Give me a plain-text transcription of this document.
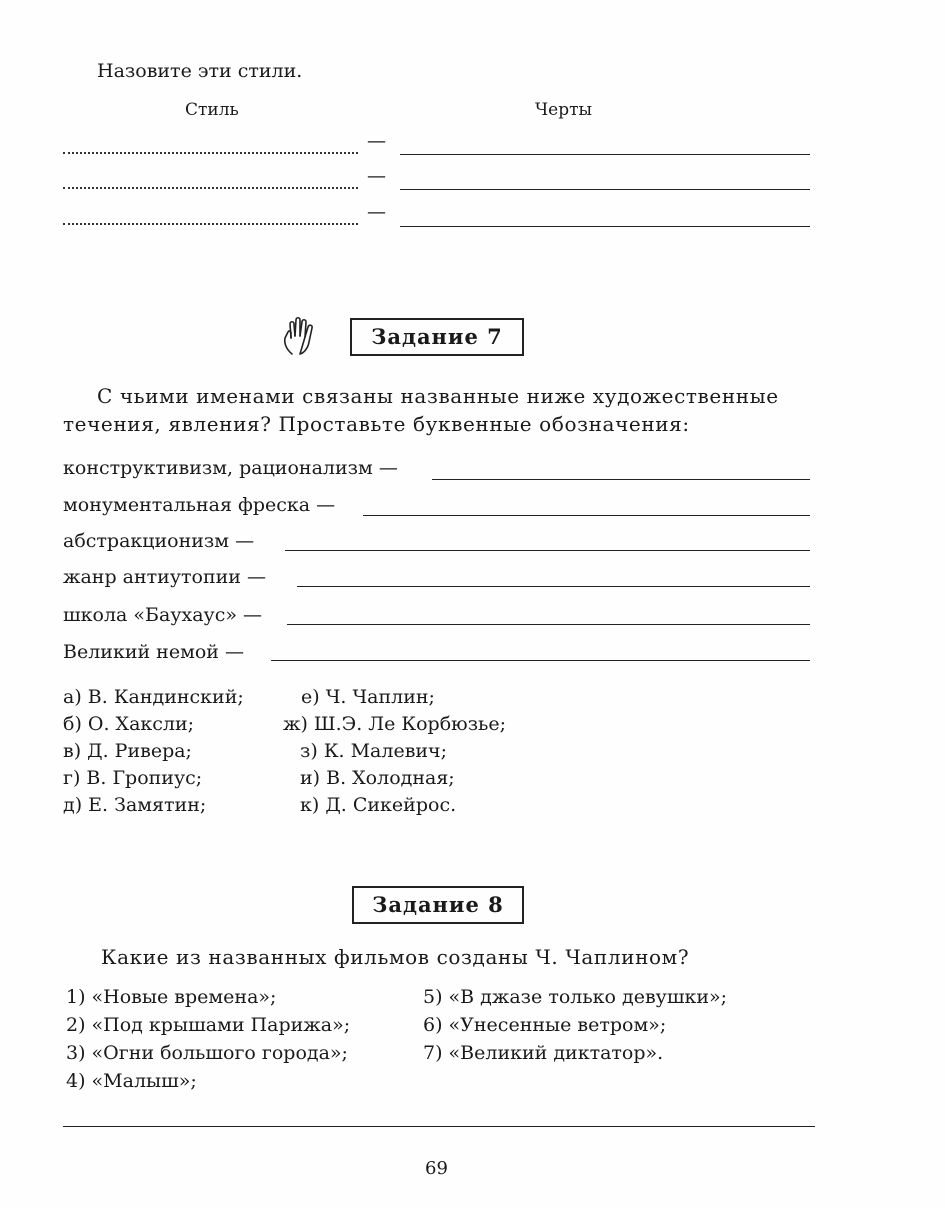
Назовите эти стили.
Стиль	Черты
—
—
—
Задание 7
С чьими именами связаны названные ниже художественные
течения, явления? Проставьте буквенные обозначения:
конструктивизм, рационализм —
монументальная фреска —
абстракционизм —
жанр антиутопии —
школа «Баухаус» —
Великий немой —
а) В. Кандинский;
б) О. Хаксли;
в) Д. Ривера;
г) В. Гропиус;
д) Е. Замятин;
е) Ч. Чаплин;
ж) Ш.Э. Ле Корбюзье;
з) К. Малевич;
и) В. Холодная;
к) Д. Сикейрос.
Задание 8
Какие из названных фильмов созданы Ч. Чаплином?
1) «Новые времена»;
2) «Под крышами Парижа»;
3) «Огни большого города»;
4) «Малыш»;
5) «В джазе только девушки»;
6) «Унесенные ветром»;
7) «Великий диктатор».
69
